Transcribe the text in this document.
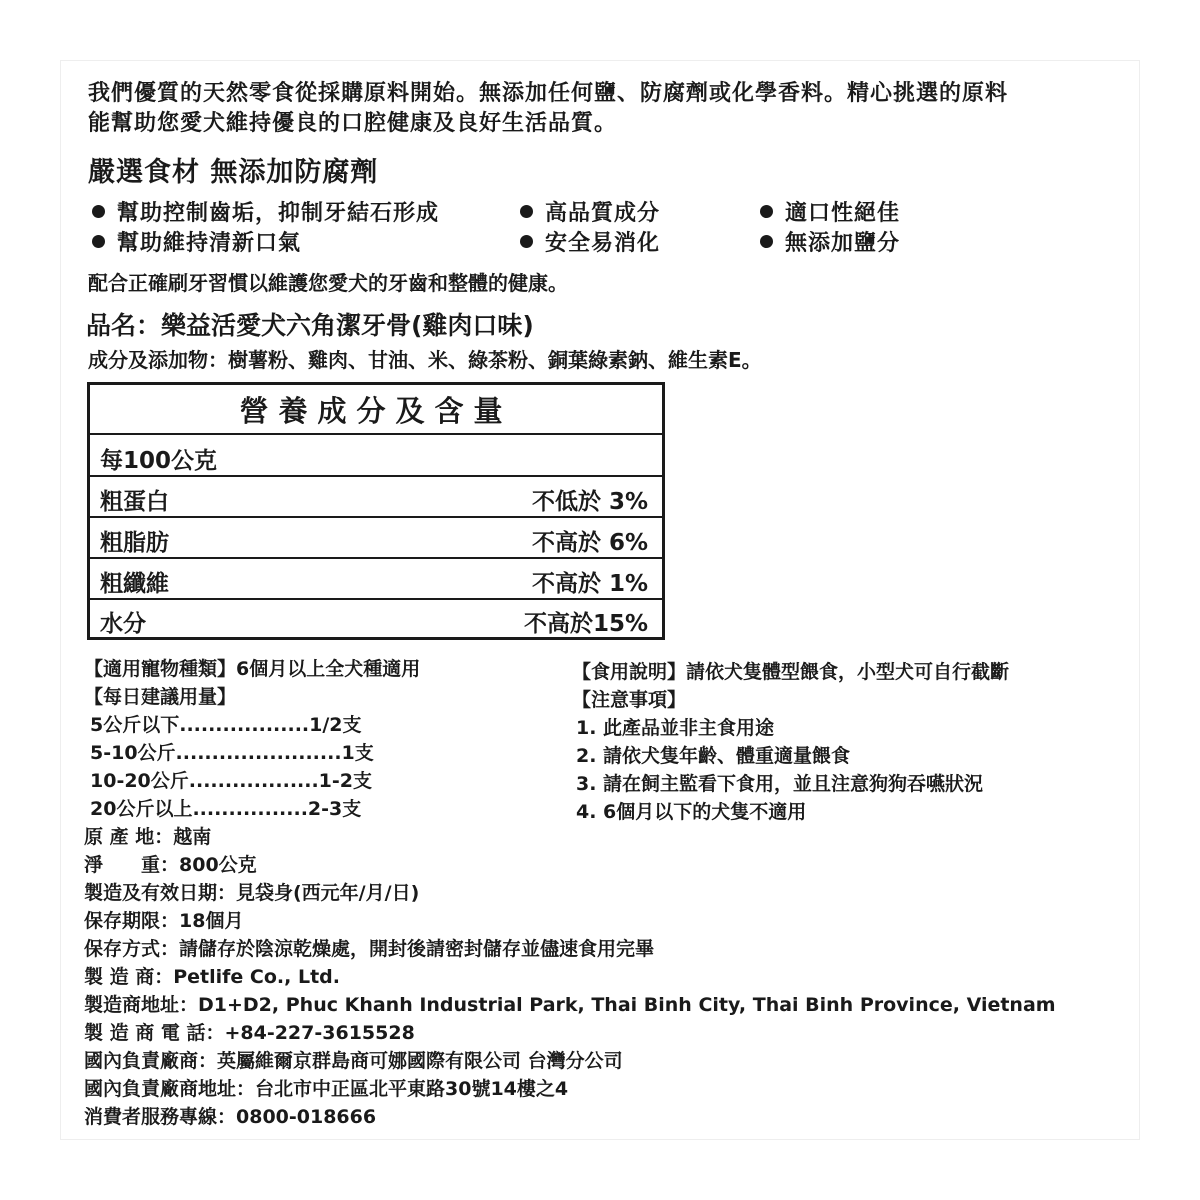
我們優質的天然零食從採購原料開始。無添加任何鹽、防腐劑或化學香料。精心挑選的原料
能幫助您愛犬維持優良的口腔健康及良好生活品質。
嚴選食材 無添加防腐劑
幫助控制齒垢，抑制牙結石形成
幫助維持清新口氣
高品質成分
安全易消化
適口性絕佳
無添加鹽分
配合正確刷牙習慣以維護您愛犬的牙齒和整體的健康。
品名：樂益活愛犬六角潔牙骨(雞肉口味)
成分及添加物：樹薯粉、雞肉、甘油、米、綠茶粉、銅葉綠素鈉、維生素E。
營養成分及含量
每100公克
粗蛋白	不低於 3%
粗脂肪	不高於 6%
粗纖維	不高於 1%
水分	不高於15%
【適用寵物種類】6個月以上全犬種適用
【每日建議用量】
5公斤以下..................1/2支
5-10公斤.......................1支
10-20公斤..................1-2支
20公斤以上................2-3支
【食用說明】請依犬隻體型餵食，小型犬可自行截斷
【注意事項】
1. 此產品並非主食用途
2. 請依犬隻年齡、體重適量餵食
3. 請在飼主監看下食用，並且注意狗狗吞嚥狀況
4. 6個月以下的犬隻不適用
原 產 地：越南
淨　　重：800公克
製造及有效日期：見袋身(西元年/月/日)
保存期限：18個月
保存方式：請儲存於陰涼乾燥處，開封後請密封儲存並儘速食用完畢
製 造 商：Petlife Co., Ltd.
製造商地址：D1+D2, Phuc Khanh Industrial Park, Thai Binh City, Thai Binh Province, Vietnam
製 造 商 電 話：+84-227-3615528
國內負責廠商：英屬維爾京群島商可娜國際有限公司 台灣分公司
國內負責廠商地址：台北市中正區北平東路30號14樓之4
消費者服務專線：0800-018666
